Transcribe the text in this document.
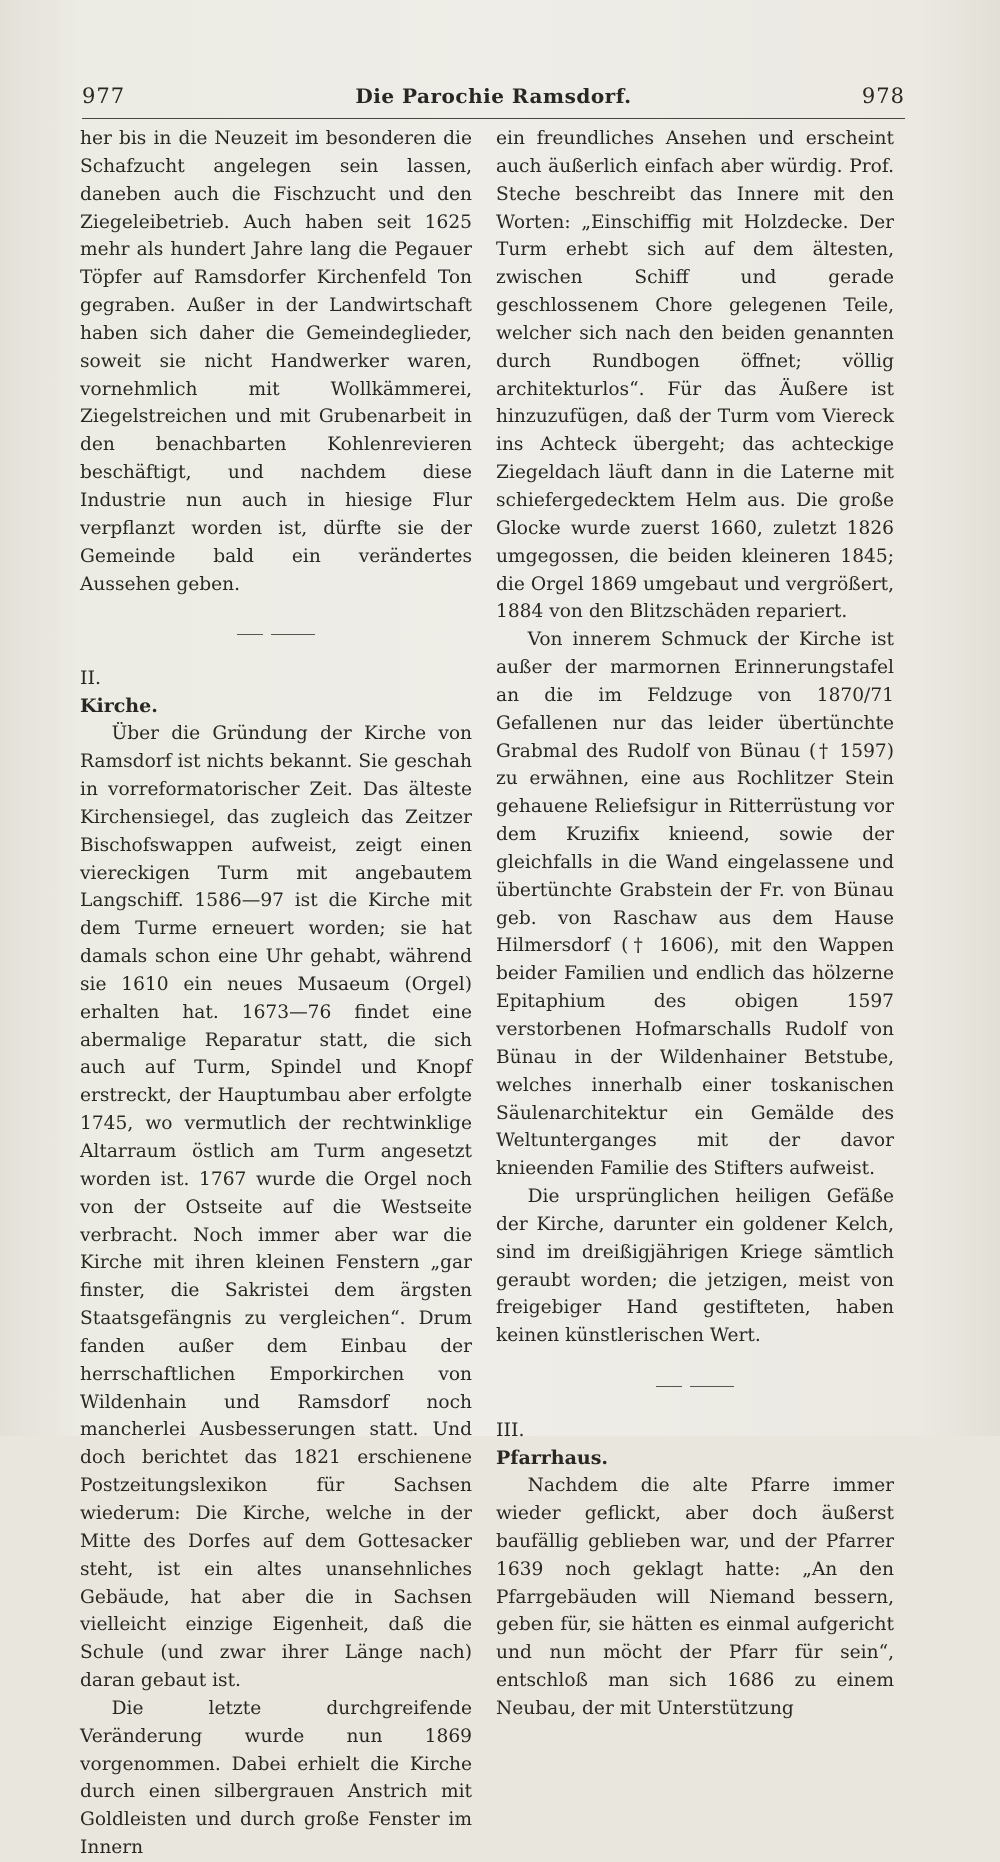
977	Die Parochie Ramsdorf.	978

her bis in die Neuzeit im besonderen die Schafzucht angelegen sein lassen, daneben auch die Fischzucht und den Ziegeleibetrieb. Auch haben seit 1625 mehr als hundert Jahre lang die Pegauer Töpfer auf Ramsdorfer Kirchenfeld Ton gegraben. Außer in der Landwirtschaft haben sich daher die Gemeindeglieder, soweit sie nicht Handwerker waren, vornehmlich mit Wollkämmerei, Ziegelstreichen und mit Grubenarbeit in den benachbarten Kohlenrevieren beschäftigt, und nachdem diese Industrie nun auch in hiesige Flur verpflanzt worden ist, dürfte sie der Gemeinde bald ein verändertes Aussehen geben.

II.

Kirche.

Über die Gründung der Kirche von Ramsdorf ist nichts bekannt. Sie geschah in vorreformatorischer Zeit. Das älteste Kirchensiegel, das zugleich das Zeitzer Bischofswappen aufweist, zeigt einen viereckigen Turm mit angebautem Langschiff. 1586—97 ist die Kirche mit dem Turme erneuert worden; sie hat damals schon eine Uhr gehabt, während sie 1610 ein neues Musaeum (Orgel) erhalten hat. 1673—76 findet eine abermalige Reparatur statt, die sich auch auf Turm, Spindel und Knopf erstreckt, der Hauptumbau aber erfolgte 1745, wo vermutlich der rechtwinklige Altarraum östlich am Turm angesetzt worden ist. 1767 wurde die Orgel noch von der Ostseite auf die Westseite verbracht. Noch immer aber war die Kirche mit ihren kleinen Fenstern „gar finster, die Sakristei dem ärgsten Staatsgefängnis zu vergleichen“. Drum fanden außer dem Einbau der herrschaftlichen Emporkirchen von Wildenhain und Ramsdorf noch mancherlei Ausbesserungen statt. Und doch berichtet das 1821 erschienene Postzeitungslexikon für Sachsen wiederum: Die Kirche, welche in der Mitte des Dorfes auf dem Gottesacker steht, ist ein altes unansehnliches Gebäude, hat aber die in Sachsen vielleicht einzige Eigenheit, daß die Schule (und zwar ihrer Länge nach) daran gebaut ist.

Die letzte durchgreifende Veränderung wurde nun 1869 vorgenommen. Dabei erhielt die Kirche durch einen silbergrauen Anstrich mit Goldleisten und durch große Fenster im Innern

ein freundliches Ansehen und erscheint auch äußerlich einfach aber würdig. Prof. Steche beschreibt das Innere mit den Worten: „Einschiffig mit Holzdecke. Der Turm erhebt sich auf dem ältesten, zwischen Schiff und gerade geschlossenem Chore gelegenen Teile, welcher sich nach den beiden genannten durch Rundbogen öffnet; völlig architekturlos“. Für das Äußere ist hinzuzufügen, daß der Turm vom Viereck ins Achteck übergeht; das achteckige Ziegeldach läuft dann in die Laterne mit schiefergedecktem Helm aus. Die große Glocke wurde zuerst 1660, zuletzt 1826 umgegossen, die beiden kleineren 1845; die Orgel 1869 umgebaut und vergrößert, 1884 von den Blitzschäden repariert.

Von innerem Schmuck der Kirche ist außer der marmornen Erinnerungstafel an die im Feldzuge von 1870/71 Gefallenen nur das leider übertünchte Grabmal des Rudolf von Bünau († 1597) zu erwähnen, eine aus Rochlitzer Stein gehauene Reliefsigur in Ritterrüstung vor dem Kruzifix knieend, sowie der gleichfalls in die Wand eingelassene und übertünchte Grabstein der Fr. von Bünau geb. von Raschaw aus dem Hause Hilmersdorf († 1606), mit den Wappen beider Familien und endlich das hölzerne Epitaphium des obigen 1597 verstorbenen Hofmarschalls Rudolf von Bünau in der Wildenhainer Betstube, welches innerhalb einer toskanischen Säulenarchitektur ein Gemälde des Weltunterganges mit der davor knieenden Familie des Stifters aufweist.

Die ursprünglichen heiligen Gefäße der Kirche, darunter ein goldener Kelch, sind im dreißigjährigen Kriege sämtlich geraubt worden; die jetzigen, meist von freigebiger Hand gestifteten, haben keinen künstlerischen Wert.

III.

Pfarrhaus.

Nachdem die alte Pfarre immer wieder geflickt, aber doch äußerst baufällig geblieben war, und der Pfarrer 1639 noch geklagt hatte: „An den Pfarrgebäuden will Niemand bessern, geben für, sie hätten es einmal aufgericht und nun möcht der Pfarr für sein“, entschloß man sich 1686 zu einem Neubau, der mit Unterstützung
